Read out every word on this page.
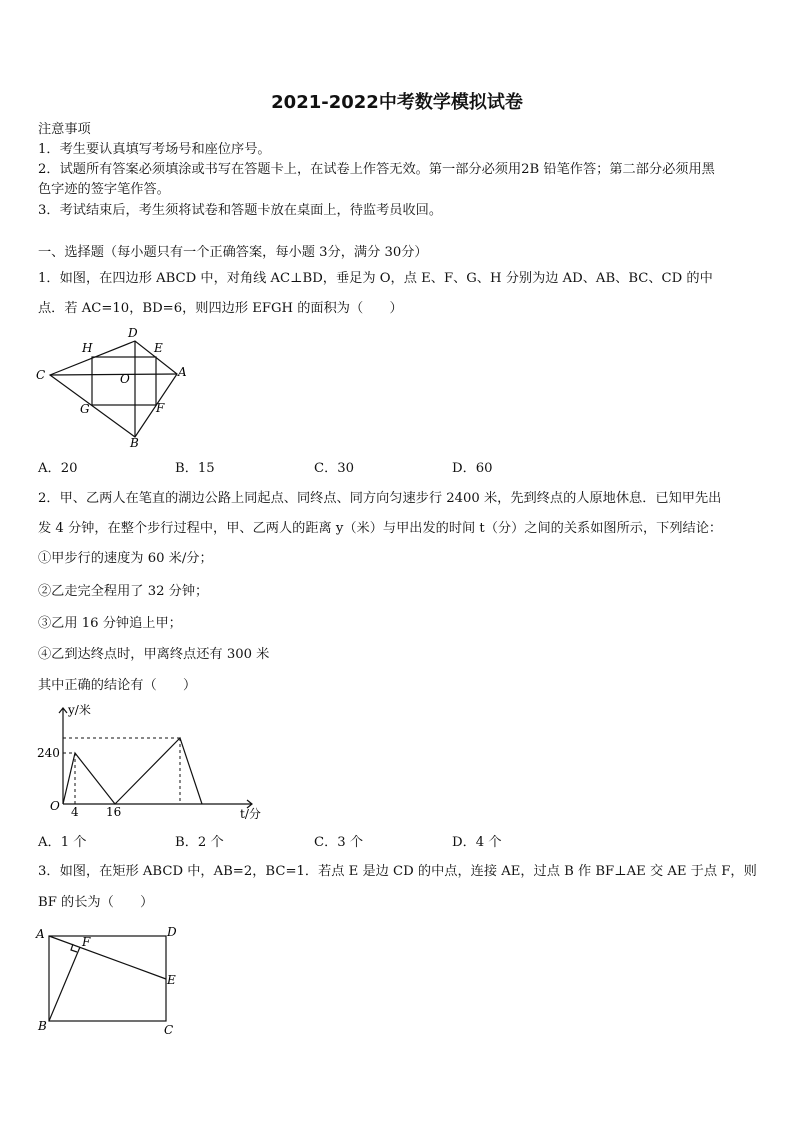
2021-2022中考数学模拟试卷
注意事项
1．考生要认真填写考场号和座位序号。
2．试题所有答案必须填涂或书写在答题卡上，在试卷上作答无效。第一部分必须用2B 铅笔作答；第二部分必须用黑
色字迹的签字笔作答。
3．考试结束后，考生须将试卷和答题卡放在桌面上，待监考员收回。
一、选择题（每小题只有一个正确答案，每小题 3分，满分 30分）
1．如图，在四边形 ABCD 中，对角线 AC⊥BD，垂足为 O，点 E、F、G、H 分别为边 AD、AB、BC、CD 的中
点．若 AC=10，BD=6，则四边形 EFGH 的面积为（　　）
D
H	E
C	O	A
G	F
B
A．20	B．15	C．30	D．60
2．甲、乙两人在笔直的湖边公路上同起点、同终点、同方向匀速步行 2400 米，先到终点的人原地休息．已知甲先出
发 4 分钟，在整个步行过程中，甲、乙两人的距离 y（米）与甲出发的时间 t（分）之间的关系如图所示，下列结论：
①甲步行的速度为 60 米/分；
②乙走完全程用了 32 分钟；
③乙用 16 分钟追上甲；
④乙到达终点时，甲离终点还有 300 米
其中正确的结论有（　　）
y/米
240
O 4 16	t/分
A．1 个	B．2 个	C．3 个	D．4 个
3．如图，在矩形 ABCD 中，AB=2，BC=1．若点 E 是边 CD 的中点，连接 AE，过点 B 作 BF⊥AE 交 AE 于点 F，则
BF 的长为（　　）
A
F
D
E
B	C
